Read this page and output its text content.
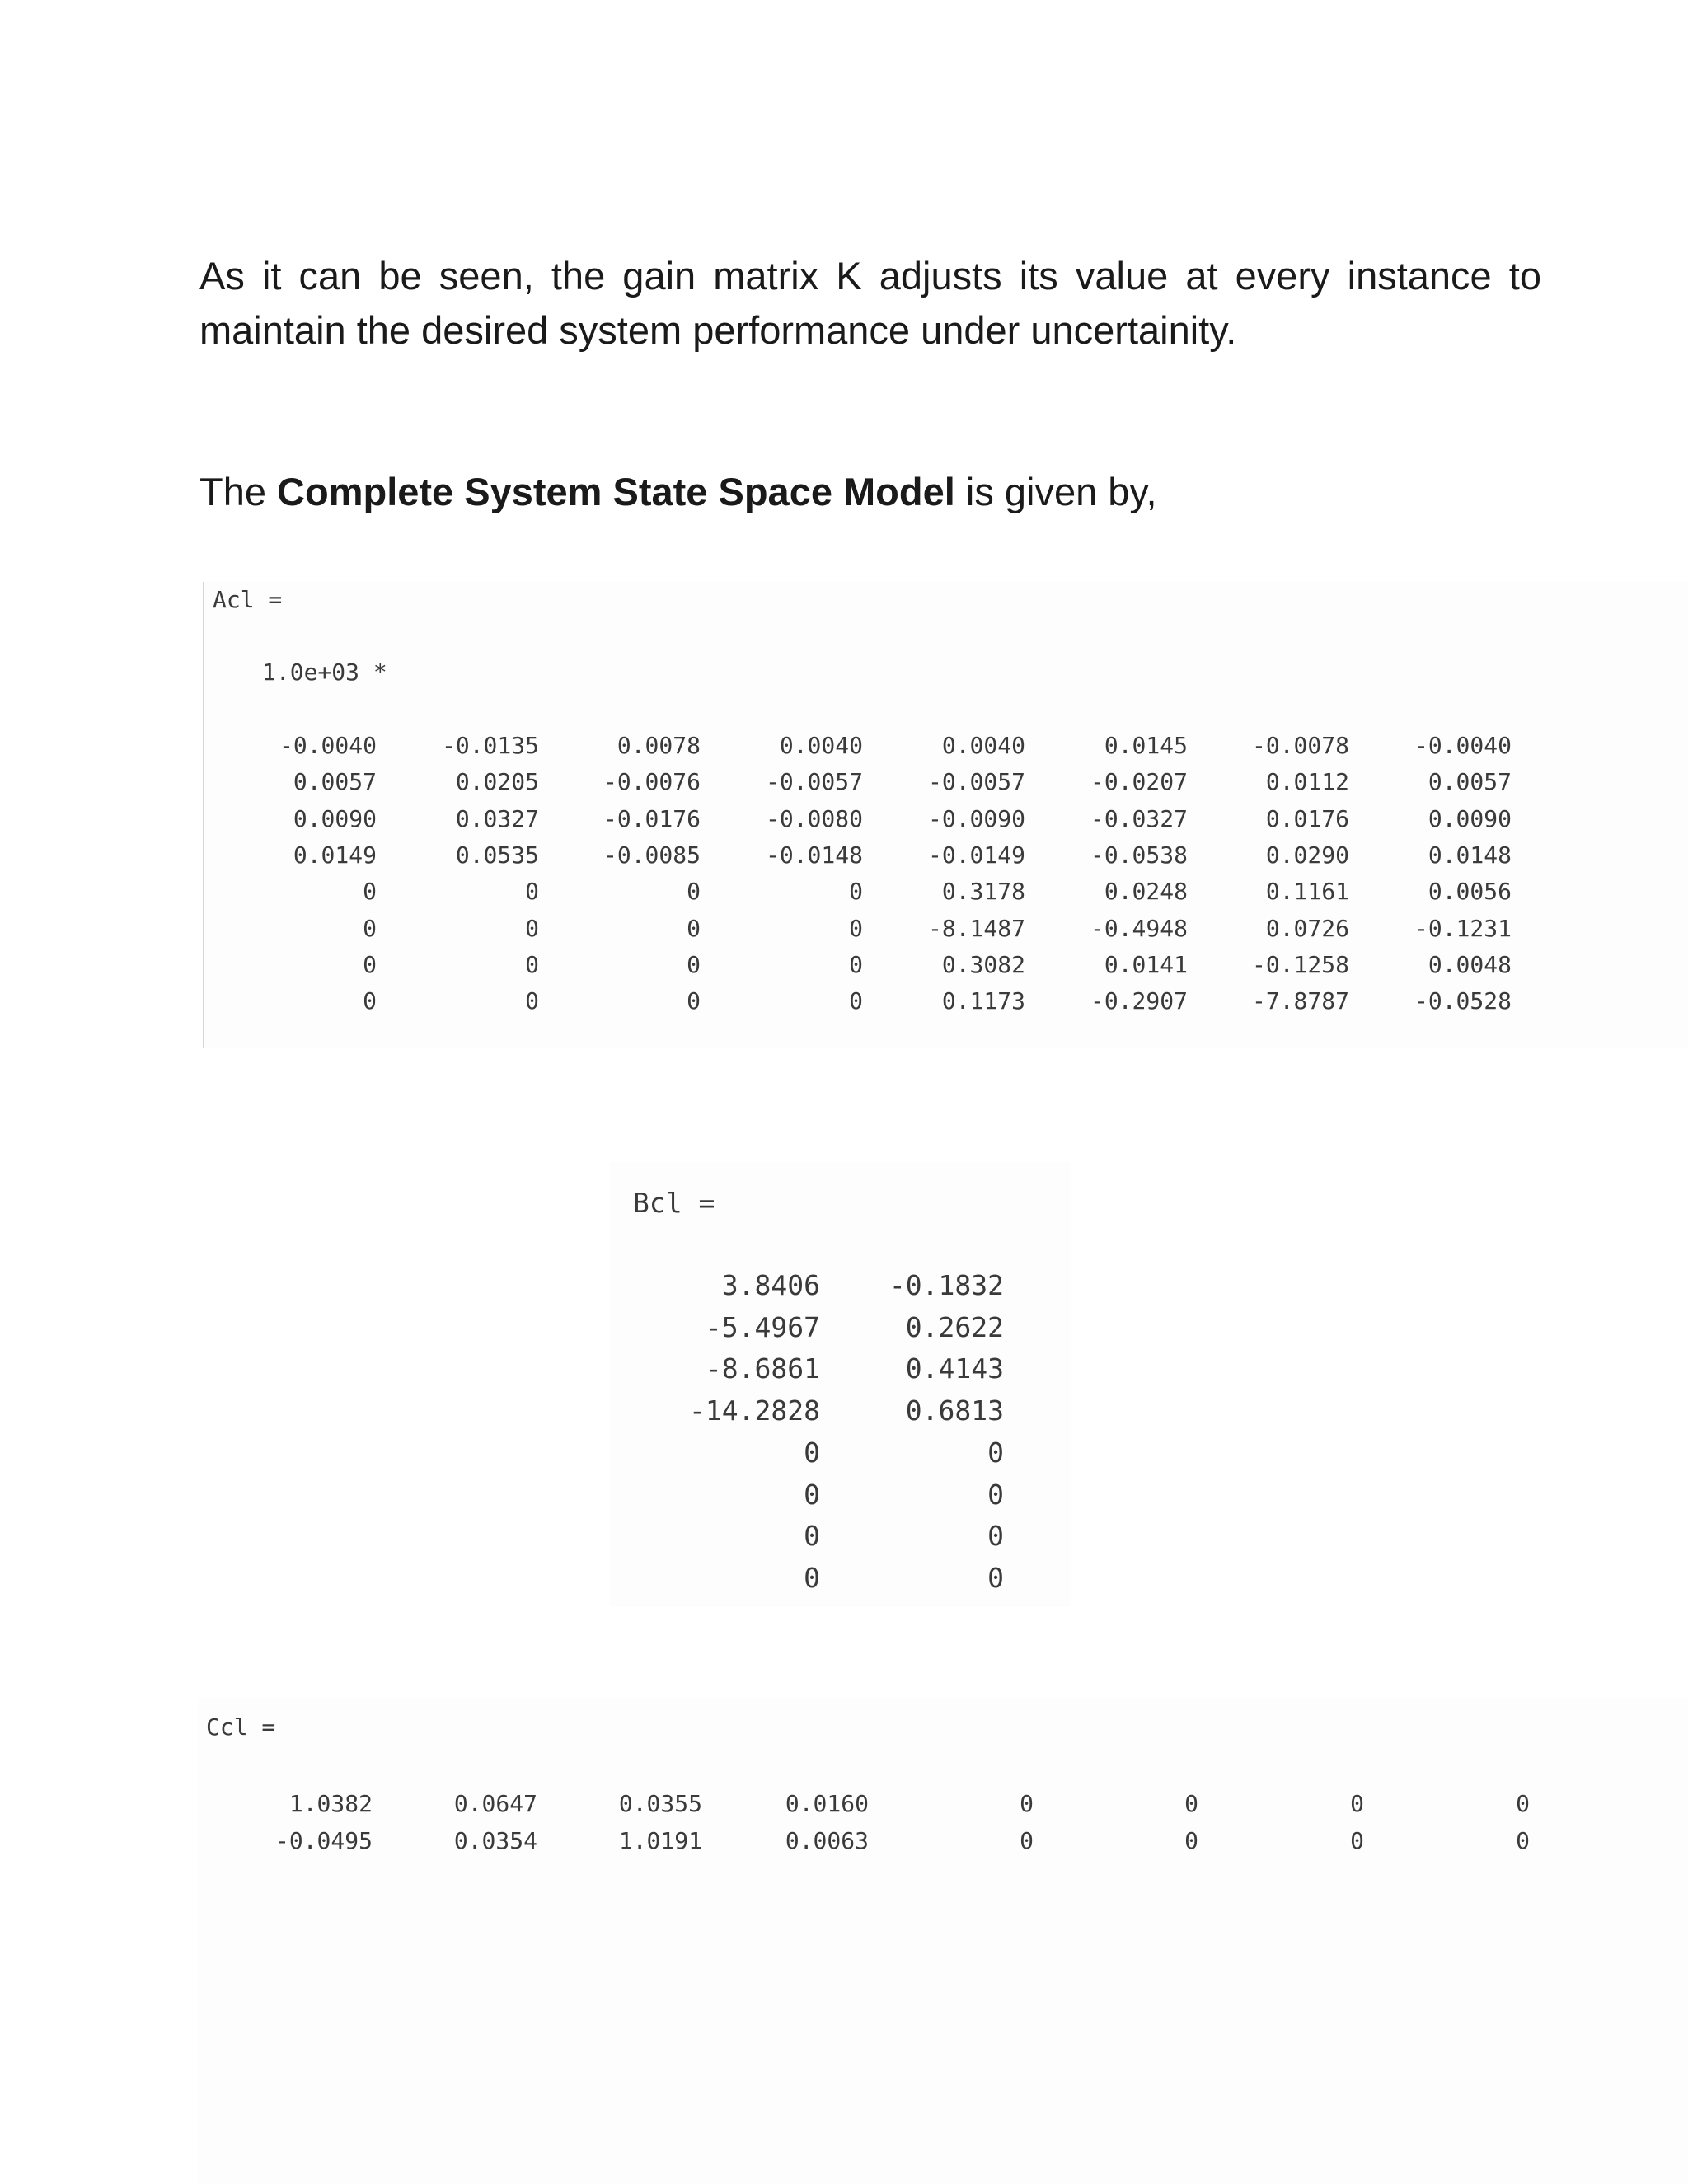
As it can be seen, the gain matrix K adjusts its value at every instance to maintain the desired system performance under uncertainity.

The Complete System State Space Model is given by,

Acl =
1.0e+03 *
-0.0040	-0.0135	0.0078	0.0040	0.0040	0.0145	-0.0078	-0.0040
0.0057	0.0205	-0.0076	-0.0057	-0.0057	-0.0207	0.0112	0.0057
0.0090	0.0327	-0.0176	-0.0080	-0.0090	-0.0327	0.0176	0.0090
0.0149	0.0535	-0.0085	-0.0148	-0.0149	-0.0538	0.0290	0.0148
0	0	0	0	0.3178	0.0248	0.1161	0.0056
0	0	0	0	-8.1487	-0.4948	0.0726	-0.1231
0	0	0	0	0.3082	0.0141	-0.1258	0.0048
0	0	0	0	0.1173	-0.2907	-7.8787	-0.0528
Bcl =
3.8406	-0.1832
-5.4967	0.2622
-8.6861	0.4143
-14.2828	0.6813
0	0
0	0
0	0
0	0
Ccl =
1.0382	0.0647	0.0355	0.0160	0	0	0	0
-0.0495	0.0354	1.0191	0.0063	0	0	0	0
